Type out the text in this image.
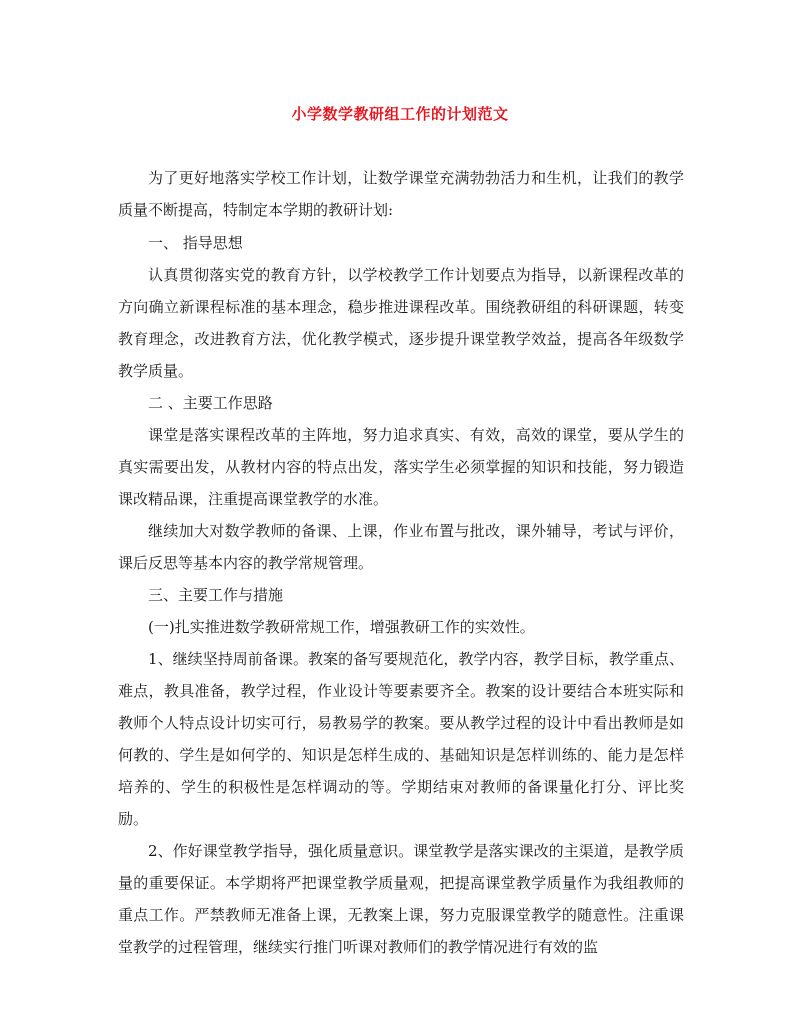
小学数学教研组工作的计划范文

为了更好地落实学校工作计划，让数学课堂充满勃勃活力和生机，让我们的教学质量不断提高，特制定本学期的教研计划:

一、 指导思想

认真贯彻落实党的教育方针，以学校教学工作计划要点为指导，以新课程改革的方向确立新课程标准的基本理念，稳步推进课程改革。围绕教研组的科研课题，转变教育理念，改进教育方法，优化教学模式，逐步提升课堂教学效益，提高各年级数学教学质量。

二 、主要工作思路

课堂是落实课程改革的主阵地，努力追求真实、有效，高效的课堂，要从学生的真实需要出发，从教材内容的特点出发，落实学生必须掌握的知识和技能，努力锻造课改精品课，注重提高课堂教学的水准。

继续加大对数学教师的备课、上课，作业布置与批改，课外辅导，考试与评价，课后反思等基本内容的教学常规管理。

三、主要工作与措施

(一)扎实推进数学教研常规工作，增强教研工作的实效性。

1、继续坚持周前备课。教案的备写要规范化，教学内容，教学目标，教学重点、难点，教具准备，教学过程，作业设计等要素要齐全。教案的设计要结合本班实际和教师个人特点设计切实可行，易教易学的教案。要从教学过程的设计中看出教师是如何教的、学生是如何学的、知识是怎样生成的、基础知识是怎样训练的、能力是怎样培养的、学生的积极性是怎样调动的等。学期结束对教师的备课量化打分、评比奖励。

2、作好课堂教学指导，强化质量意识。课堂教学是落实课改的主渠道，是教学质量的重要保证。本学期将严把课堂教学质量观，把提高课堂教学质量作为我组教师的重点工作。严禁教师无准备上课，无教案上课，努力克服课堂教学的随意性。注重课堂教学的过程管理，继续实行推门听课对教师们的教学情况进行有效的监
